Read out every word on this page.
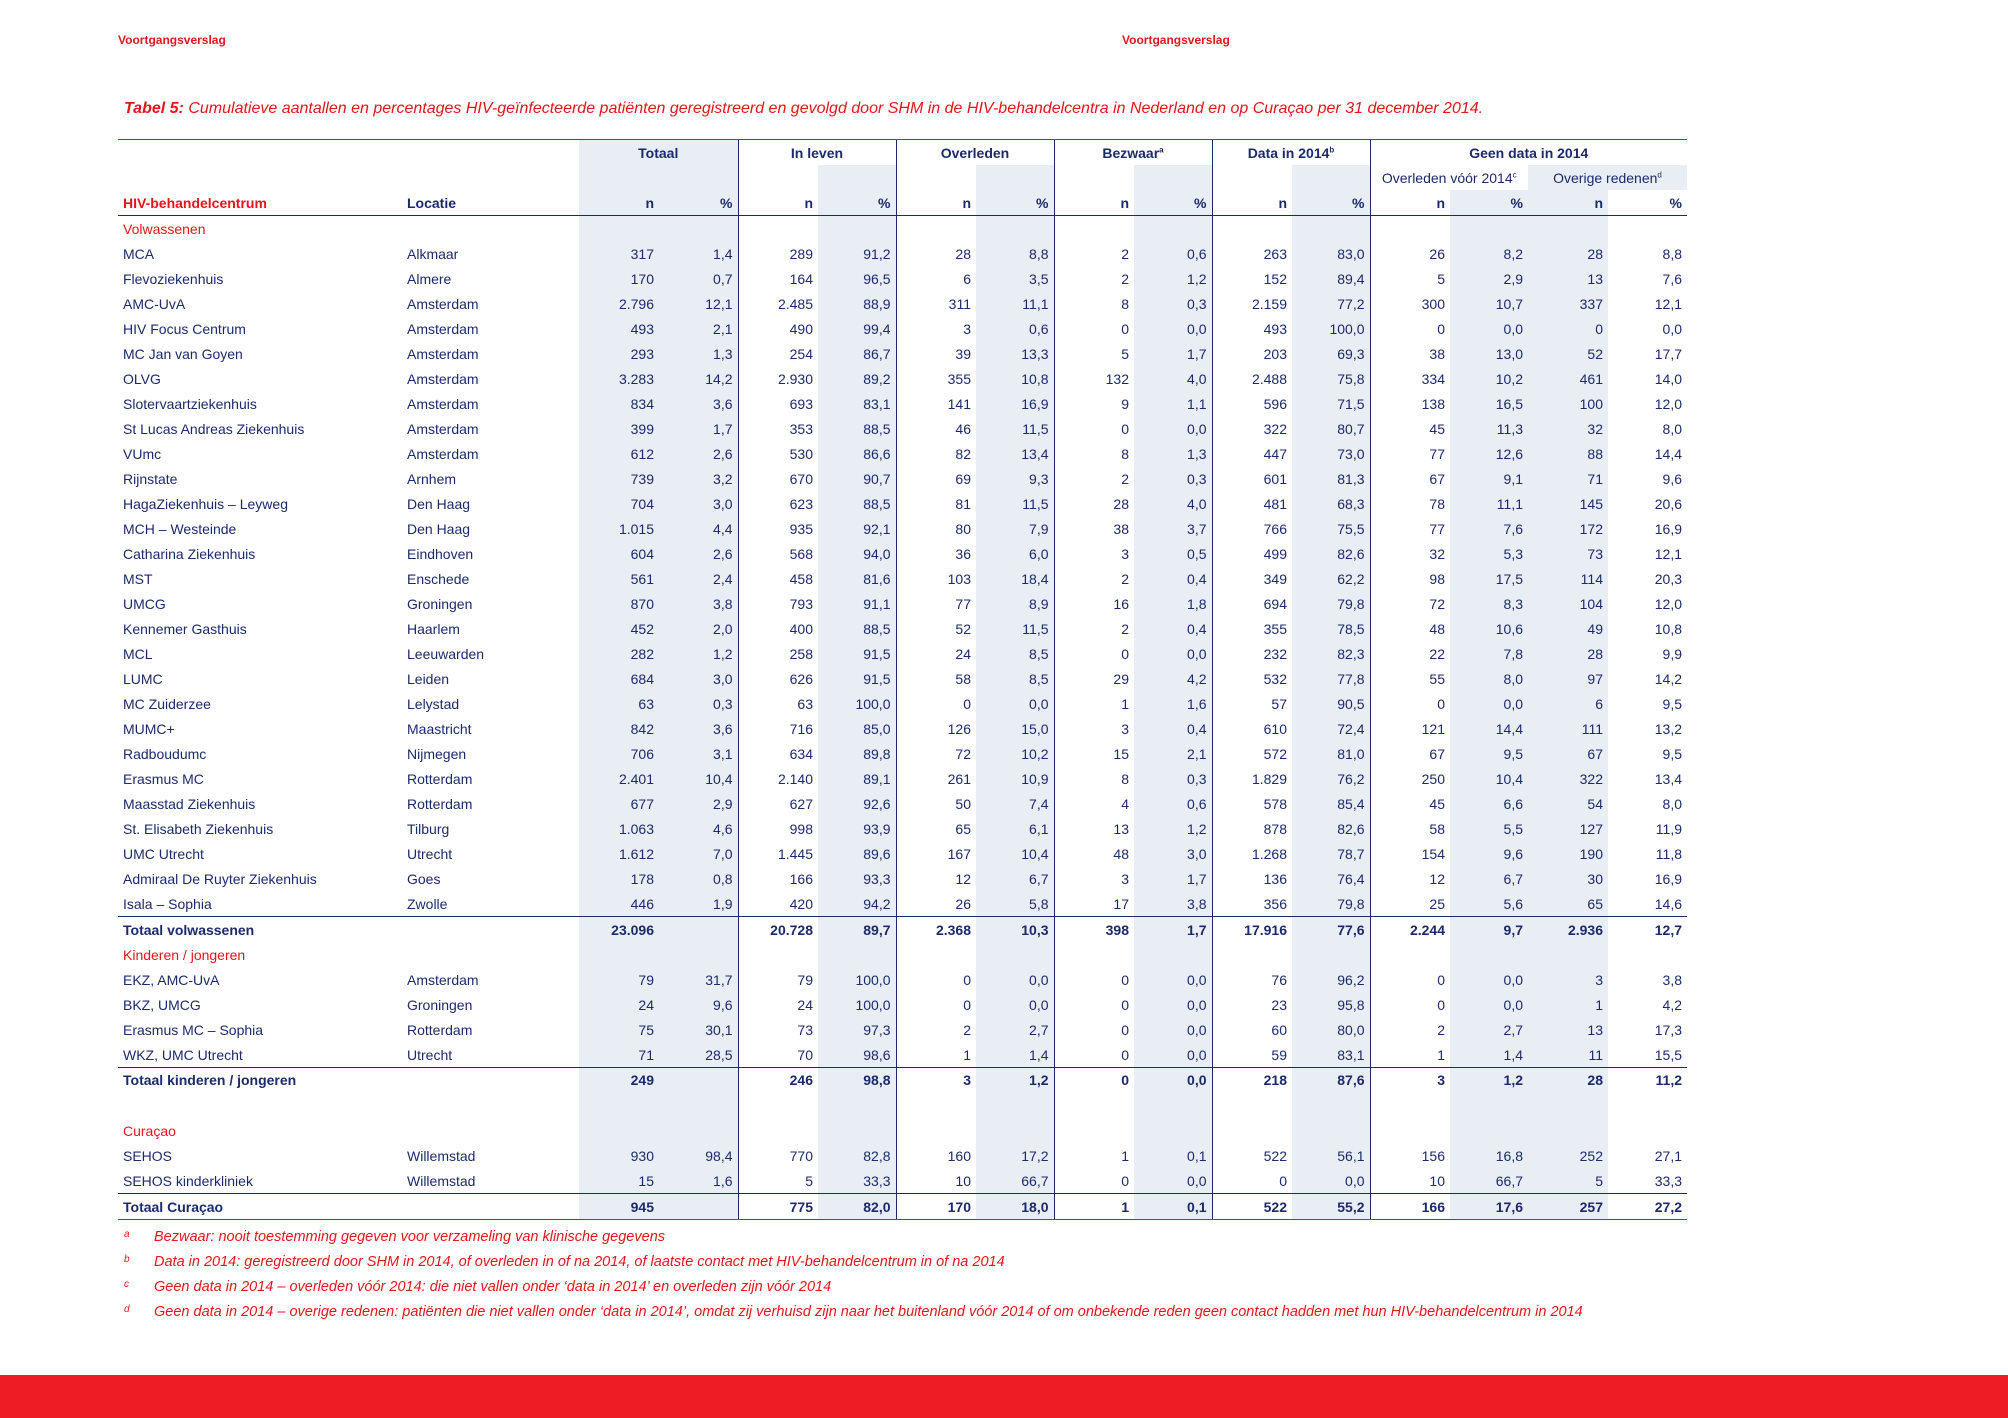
Voortgangsverslag	Voortgangsverslag
Tabel 5: Cumulatieve aantallen en percentages HIV-geïnfecteerde patiënten geregistreerd en gevolgd door SHM in de HIV-behandelcentra in Nederland en op Curaçao per 31 december 2014.
		Totaal		In leven		Overleden		Bezwaar$^a$		Data in 2014$^b$		Geen data in 2014			
												Overleden vóór 2014$^c$		Overige redenen$^d$
HIV-behandelcentrum	Locatie	n	%	n	%	n	%	n	%	n	%	n	%	n	%
Volwassenen															
MCA	Alkmaar	317	1,4	289	91,2	28	8,8	2	0,6	263	83,0	26	8,2	28	8,8
Flevoziekenhuis	Almere	170	0,7	164	96,5	6	3,5	2	1,2	152	89,4	5	2,9	13	7,6
AMC-UvA	Amsterdam	2.796	12,1	2.485	88,9	311	11,1	8	0,3	2.159	77,2	300	10,7	337	12,1
HIV Focus Centrum	Amsterdam	493	2,1	490	99,4	3	0,6	0	0,0	493	100,0	0	0,0	0	0,0
MC Jan van Goyen	Amsterdam	293	1,3	254	86,7	39	13,3	5	1,7	203	69,3	38	13,0	52	17,7
OLVG	Amsterdam	3.283	14,2	2.930	89,2	355	10,8	132	4,0	2.488	75,8	334	10,2	461	14,0
Slotervaartziekenhuis	Amsterdam	834	3,6	693	83,1	141	16,9	9	1,1	596	71,5	138	16,5	100	12,0
St Lucas Andreas Ziekenhuis	Amsterdam	399	1,7	353	88,5	46	11,5	0	0,0	322	80,7	45	11,3	32	8,0
VUmc	Amsterdam	612	2,6	530	86,6	82	13,4	8	1,3	447	73,0	77	12,6	88	14,4
Rijnstate	Arnhem	739	3,2	670	90,7	69	9,3	2	0,3	601	81,3	67	9,1	71	9,6
HagaZiekenhuis – Leyweg	Den Haag	704	3,0	623	88,5	81	11,5	28	4,0	481	68,3	78	11,1	145	20,6
MCH – Westeinde	Den Haag	1.015	4,4	935	92,1	80	7,9	38	3,7	766	75,5	77	7,6	172	16,9
Catharina Ziekenhuis	Eindhoven	604	2,6	568	94,0	36	6,0	3	0,5	499	82,6	32	5,3	73	12,1
MST	Enschede	561	2,4	458	81,6	103	18,4	2	0,4	349	62,2	98	17,5	114	20,3
UMCG	Groningen	870	3,8	793	91,1	77	8,9	16	1,8	694	79,8	72	8,3	104	12,0
Kennemer Gasthuis	Haarlem	452	2,0	400	88,5	52	11,5	2	0,4	355	78,5	48	10,6	49	10,8
MCL	Leeuwarden	282	1,2	258	91,5	24	8,5	0	0,0	232	82,3	22	7,8	28	9,9
LUMC	Leiden	684	3,0	626	91,5	58	8,5	29	4,2	532	77,8	55	8,0	97	14,2
MC Zuiderzee	Lelystad	63	0,3	63	100,0	0	0,0	1	1,6	57	90,5	0	0,0	6	9,5
MUMC+	Maastricht	842	3,6	716	85,0	126	15,0	3	0,4	610	72,4	121	14,4	111	13,2
Radboudumc	Nijmegen	706	3,1	634	89,8	72	10,2	15	2,1	572	81,0	67	9,5	67	9,5
Erasmus MC	Rotterdam	2.401	10,4	2.140	89,1	261	10,9	8	0,3	1.829	76,2	250	10,4	322	13,4
Maasstad Ziekenhuis	Rotterdam	677	2,9	627	92,6	50	7,4	4	0,6	578	85,4	45	6,6	54	8,0
St. Elisabeth Ziekenhuis	Tilburg	1.063	4,6	998	93,9	65	6,1	13	1,2	878	82,6	58	5,5	127	11,9
UMC Utrecht	Utrecht	1.612	7,0	1.445	89,6	167	10,4	48	3,0	1.268	78,7	154	9,6	190	11,8
Admiraal De Ruyter Ziekenhuis	Goes	178	0,8	166	93,3	12	6,7	3	1,7	136	76,4	12	6,7	30	16,9
Isala – Sophia	Zwolle	446	1,9	420	94,2	26	5,8	17	3,8	356	79,8	25	5,6	65	14,6
Totaal volwassenen		23.096		20.728	89,7	2.368	10,3	398	1,7	17.916	77,6	2.244	9,7	2.936	12,7
Kinderen / jongeren															
EKZ, AMC-UvA	Amsterdam	79	31,7	79	100,0	0	0,0	0	0,0	76	96,2	0	0,0	3	3,8
BKZ, UMCG	Groningen	24	9,6	24	100,0	0	0,0	0	0,0	23	95,8	0	0,0	1	4,2
Erasmus MC – Sophia	Rotterdam	75	30,1	73	97,3	2	2,7	0	0,0	60	80,0	2	2,7	13	17,3
WKZ, UMC Utrecht	Utrecht	71	28,5	70	98,6	1	1,4	0	0,0	59	83,1	1	1,4	11	15,5
Totaal kinderen / jongeren		249		246	98,8	3	1,2	0	0,0	218	87,6	3	1,2	28	11,2

Curaçao															
SEHOS	Willemstad	930	98,4	770	82,8	160	17,2	1	0,1	522	56,1	156	16,8	252	27,1
SEHOS kinderkliniek	Willemstad	15	1,6	5	33,3	10	66,7	0	0,0	0	0,0	10	66,7	5	33,3
Totaal Curaçao		945		775	82,0	170	18,0	1	0,1	522	55,2	166	17,6	257	27,2
a Bezwaar: nooit toestemming gegeven voor verzameling van klinische gegevens
b Data in 2014: geregistreerd door SHM in 2014, of overleden in of na 2014, of laatste contact met HIV-behandelcentrum in of na 2014
c Geen data in 2014 – overleden vóór 2014: die niet vallen onder ‘data in 2014’ en overleden zijn vóór 2014
d Geen data in 2014 – overige redenen: patiënten die niet vallen onder ‘data in 2014’, omdat zij verhuisd zijn naar het buitenland vóór 2014 of om onbekende reden geen contact hadden met hun HIV-behandelcentrum in 2014
